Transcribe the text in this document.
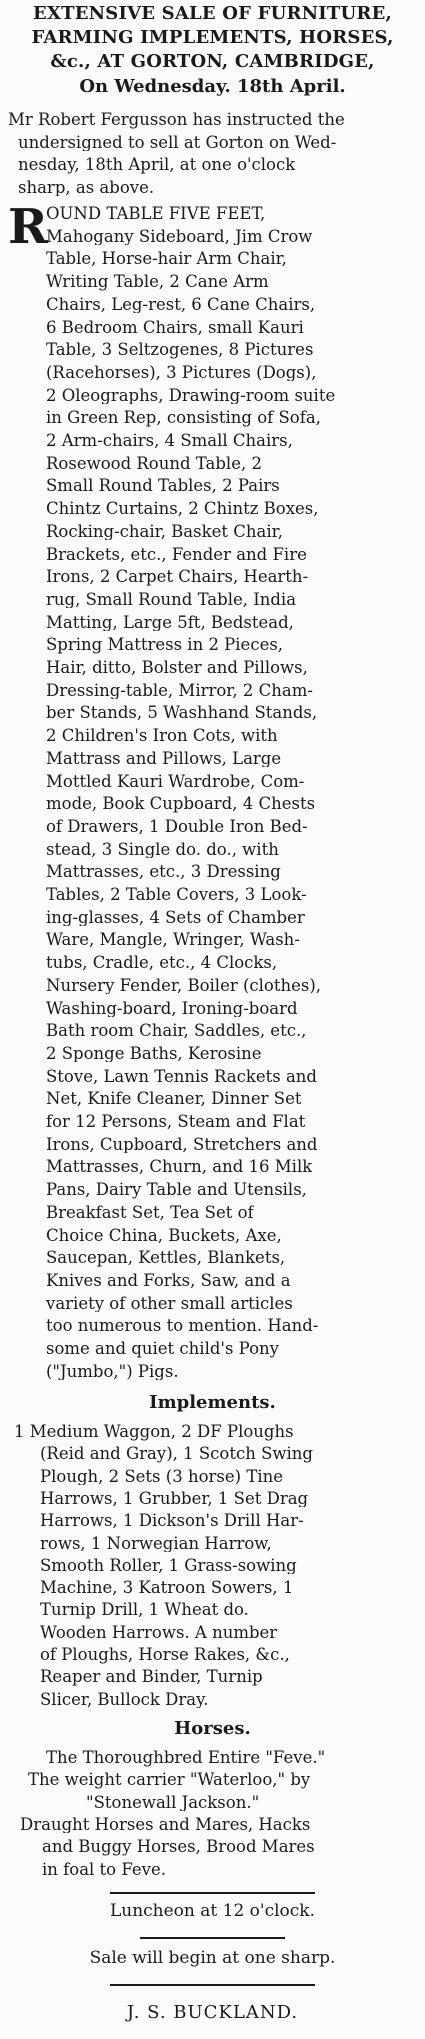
R
Luncheon at 12 o'clock.
Sale will begin at one sharp.
J. S. BUCKLAND.
EXTENSIVE SALE OF FURNITURE,
FARMING IMPLEMENTS, HORSES,
&c., AT GORTON, CAMBRIDGE,
On Wednesday. 18th April.
Mr Robert Fergusson has instructed the
undersigned to sell at Gorton on Wed-
nesday, 18th April, at one o'clock
sharp, as above.
OUND TABLE FIVE FEET,
Mahogany Sideboard, Jim Crow
Table, Horse-hair Arm Chair,
Writing Table, 2 Cane Arm
Chairs, Leg-rest, 6 Cane Chairs,
6 Bedroom Chairs, small Kauri
Table, 3 Seltzogenes, 8 Pictures
(Racehorses), 3 Pictures (Dogs),
2 Oleographs, Drawing-room suite
in Green Rep, consisting of Sofa,
2 Arm-chairs, 4 Small Chairs,
Rosewood Round Table, 2
Small Round Tables, 2 Pairs
Chintz Curtains, 2 Chintz Boxes,
Rocking-chair, Basket Chair,
Brackets, etc., Fender and Fire
Irons, 2 Carpet Chairs, Hearth-
rug, Small Round Table, India
Matting, Large 5ft, Bedstead,
Spring Mattress in 2 Pieces,
Hair, ditto, Bolster and Pillows,
Dressing-table, Mirror, 2 Cham-
ber Stands, 5 Washhand Stands,
2 Children's Iron Cots, with
Mattrass and Pillows, Large
Mottled Kauri Wardrobe, Com-
mode, Book Cupboard, 4 Chests
of Drawers, 1 Double Iron Bed-
stead, 3 Single do. do., with
Mattrasses, etc., 3 Dressing
Tables, 2 Table Covers, 3 Look-
ing-glasses, 4 Sets of Chamber
Ware, Mangle, Wringer, Wash-
tubs, Cradle, etc., 4 Clocks,
Nursery Fender, Boiler (clothes),
Washing-board, Ironing-board
Bath room Chair, Saddles, etc.,
2 Sponge Baths, Kerosine
Stove, Lawn Tennis Rackets and
Net, Knife Cleaner, Dinner Set
for 12 Persons, Steam and Flat
Irons, Cupboard, Stretchers and
Mattrasses, Churn, and 16 Milk
Pans, Dairy Table and Utensils,
Breakfast Set, Tea Set of
Choice China, Buckets, Axe,
Saucepan, Kettles, Blankets,
Knives and Forks, Saw, and a
variety of other small articles
too numerous to mention. Hand-
some and quiet child's Pony
("Jumbo,") Pigs.
Implements.
1 Medium Waggon, 2 DF Ploughs
(Reid and Gray), 1 Scotch Swing
Plough, 2 Sets (3 horse) Tine
Harrows, 1 Grubber, 1 Set Drag
Harrows, 1 Dickson's Drill Har-
rows, 1 Norwegian Harrow,
Smooth Roller, 1 Grass-sowing
Machine, 3 Katroon Sowers, 1
Turnip Drill, 1 Wheat do.
Wooden Harrows. A number
of Ploughs, Horse Rakes, &c.,
Reaper and Binder, Turnip
Slicer, Bullock Dray.
Horses.
The Thoroughbred Entire "Feve."
The weight carrier "Waterloo," by
"Stonewall Jackson."
Draught Horses and Mares, Hacks
and Buggy Horses, Brood Mares
in foal to Feve.
